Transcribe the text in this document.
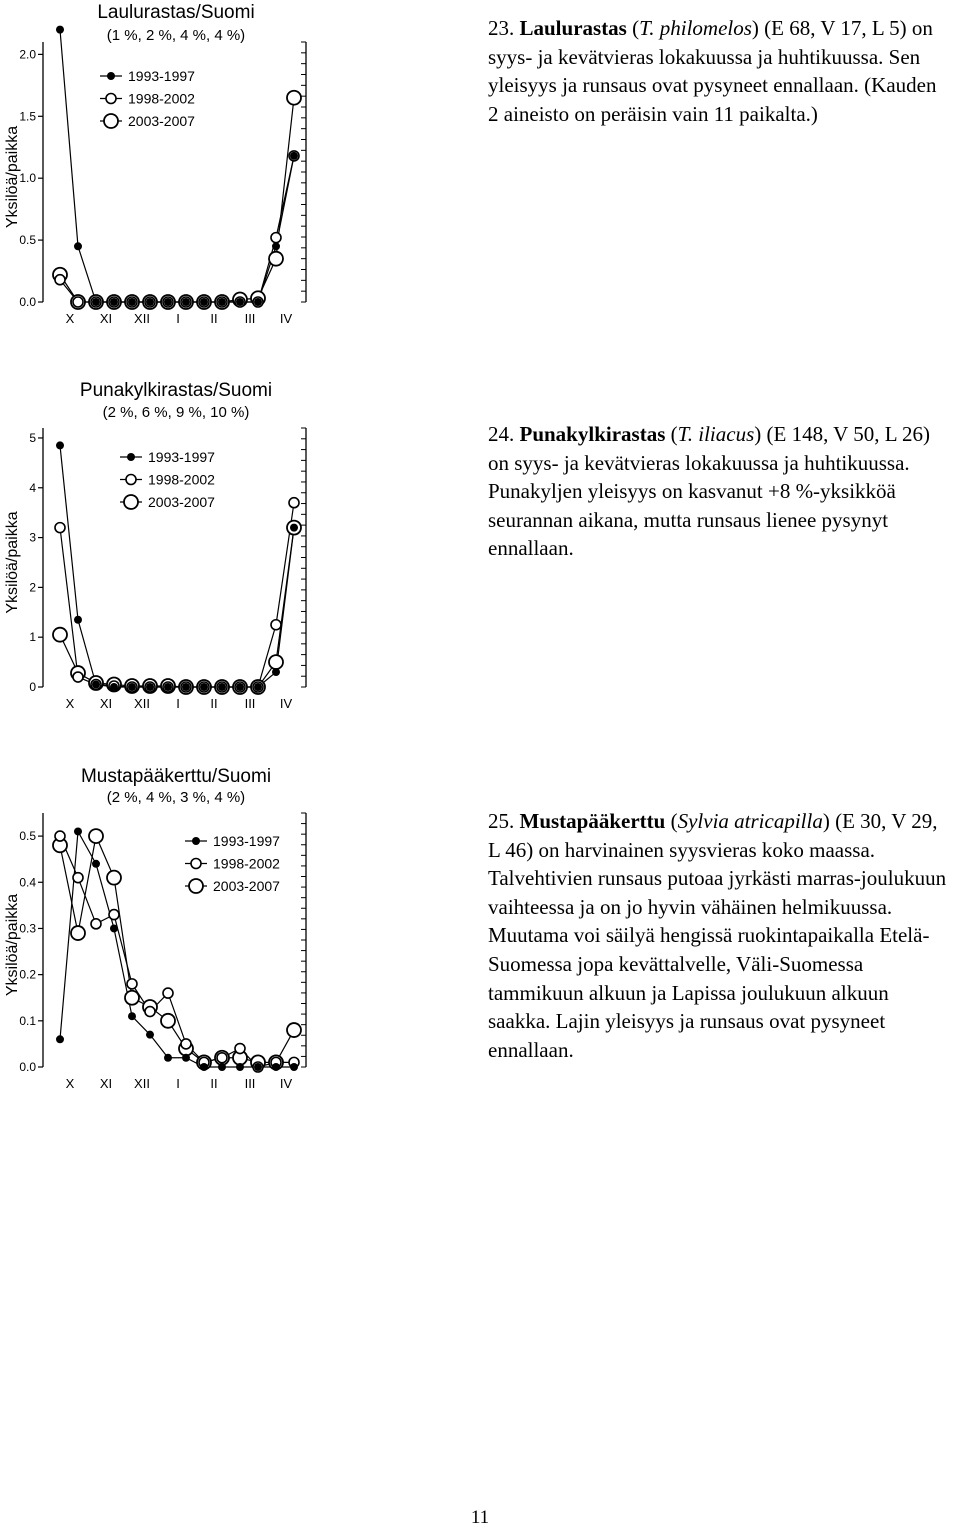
Laulurastas/Suomi
(1 %, 2 %, 4 %, 4 %)
Yksilöä/paikka
0.0
0.5
1.0
1.5
2.0
X XI XII I II III IV
1993-1997
1998-2002
2003-2007
Punakylkirastas/Suomi
(2 %, 6 %, 9 %, 10 %)
Yksilöä/paikka
0
1
2
3
4
5
X XI XII I II III IV
1993-1997
1998-2002
2003-2007
Mustapääkerttu/Suomi
(2 %, 4 %, 3 %, 4 %)
Yksilöä/paikka
0.0
0.1
0.2
0.3
0.4
0.5
X XI XII I II III IV
1993-1997
1998-2002
2003-2007

23. Laulurastas (T. philomelos) (E 68, V 17, L 5) on syys- ja kevätvieras lokakuussa ja huhtikuussa. Sen yleisyys ja runsaus ovat pysyneet ennallaan. (Kauden 2 aineisto on peräisin vain 11 paikalta.)

24. Punakylkirastas (T. iliacus) (E 148, V 50, L 26) on syys- ja kevätvieras lokakuussa ja huhtikuussa. Punakyljen yleisyys on kasvanut +8 %-yksikköä seurannan aikana, mutta runsaus lienee pysynyt ennallaan.

25. Mustapääkerttu (Sylvia atricapilla) (E 30, V 29, L 46) on harvinainen syysvieras koko maassa. Talvehtivien runsaus putoaa jyrkästi marras-joulukuun vaihteessa ja on jo hyvin vähäinen helmikuussa. Muutama voi säilyä hengissä ruokintapaikalla Etelä-Suomessa jopa kevättalvelle, Väli-Suomessa tammikuun alkuun ja Lapissa joulukuun alkuun saakka. Lajin yleisyys ja runsaus ovat pysyneet ennallaan.

11
